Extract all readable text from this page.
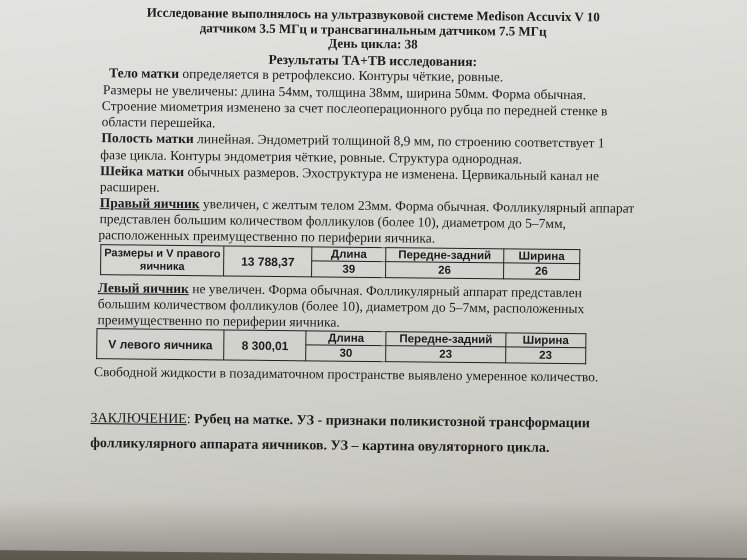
Исследование выполнялось на ультразвуковой системе Medison Accuvix V 10
датчиком 3.5 МГц и трансвагинальным датчиком 7.5 МГц
День цикла: 38
Результаты ТА+ТВ исследования:
Тело матки определяется в ретрофлексио. Контуры чёткие, ровные.
Размеры не увеличены: длина 54мм, толщина 38мм, ширина 50мм. Форма обычная.
Строение миометрия изменено за счет послеоперационного рубца по передней стенке в
области перешейка.
Полость матки линейная. Эндометрий толщиной 8,9 мм, по строению соответствует 1
фазе цикла. Контуры эндометрия чёткие, ровные. Структура однородная.
Шейка матки обычных размеров. Эхоструктура не изменена. Цервикальный канал не
расширен.
Правый яичник увеличен, с желтым телом 23мм. Форма обычная. Фолликулярный аппарат
представлен большим количеством фолликулов (более 10), диаметром до 5–7мм,
расположенных преимущественно по периферии яичника.
Размеры и V правого
яичника	13 788,37	Длина	Передне-задний	Ширина
		39	26	26
Левый яичник не увеличен. Форма обычная. Фолликулярный аппарат представлен
большим количеством фолликулов (более 10), диаметром до 5–7мм, расположенных
преимущественно по периферии яичника.
V левого яичника	8 300,01	Длина	Передне-задний	Ширина
		30	23	23
Свободной жидкости в позадиматочном пространстве выявлено умеренное количество.
ЗАКЛЮЧЕНИЕ: Рубец на матке. УЗ - признаки поликистозной трансформации
фолликулярного аппарата яичников. УЗ – картина овуляторного цикла.
